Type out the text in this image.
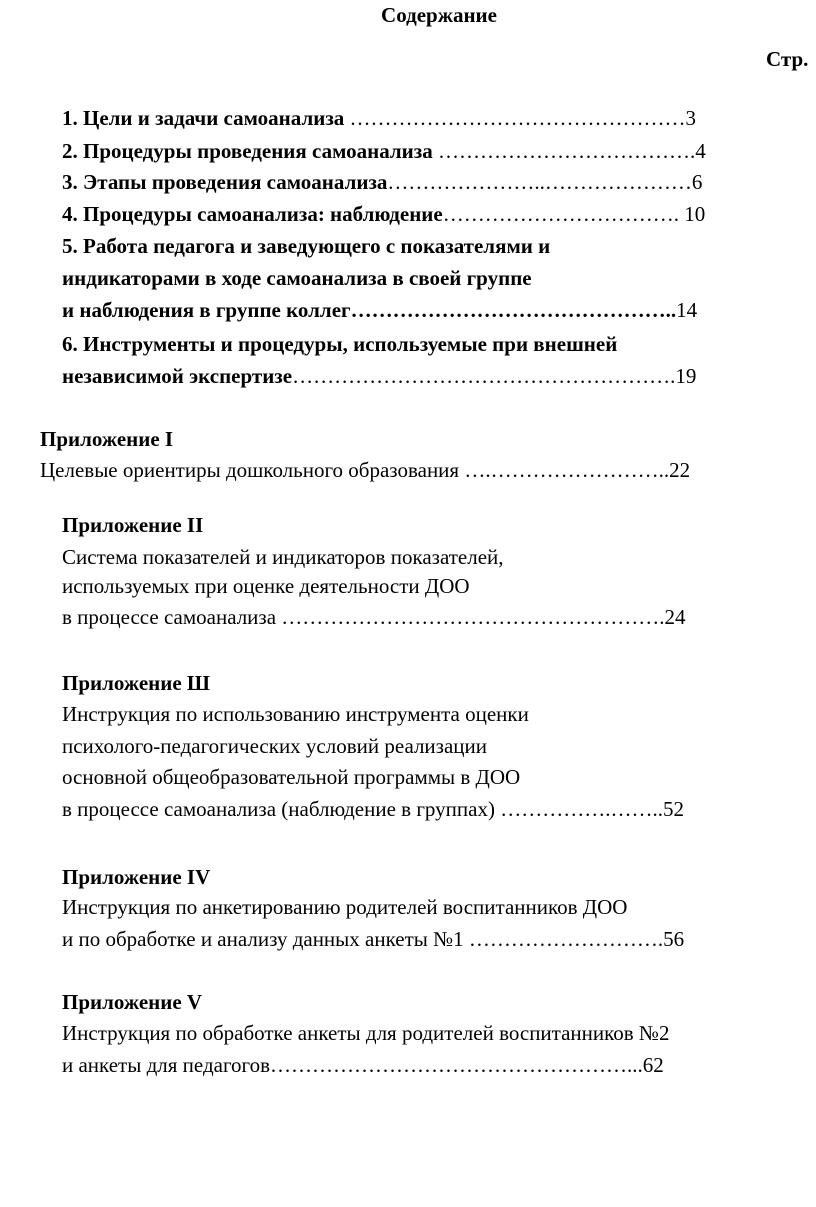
Содержание
Стр.
1. Цели и задачи самоанализа …………………………………………3
2. Процедуры проведения самоанализа ……………………………….4
3. Этапы проведения самоанализа…………………..…………………6
4. Процедуры самоанализа: наблюдение……………………………. 10
5. Работа педагога и заведующего с показателями и
индикаторами в ходе самоанализа в своей группе
и наблюдения в группе коллег………………………………………..14
6. Инструменты и процедуры, используемые при внешней
независимой экспертизе……………………………………………….19
Приложение I
Целевые ориентиры дошкольного образования ….……………………..22
Приложение II
Система показателей и индикаторов показателей,
используемых при оценке деятельности ДОО
в процессе самоанализа ……………………………………………….24
Приложение Ш
Инструкция по использованию инструмента оценки
психолого-педагогических условий реализации
основной общеобразовательной программы в ДОО
в процессе самоанализа (наблюдение в группах) …………….……..52
Приложение IV
Инструкция по анкетированию родителей воспитанников ДОО
и по обработке и анализу данных анкеты №1 ……………………….56
Приложение V
Инструкция по обработке анкеты для родителей воспитанников №2
и анкеты для педагогов……………………………………………...62
